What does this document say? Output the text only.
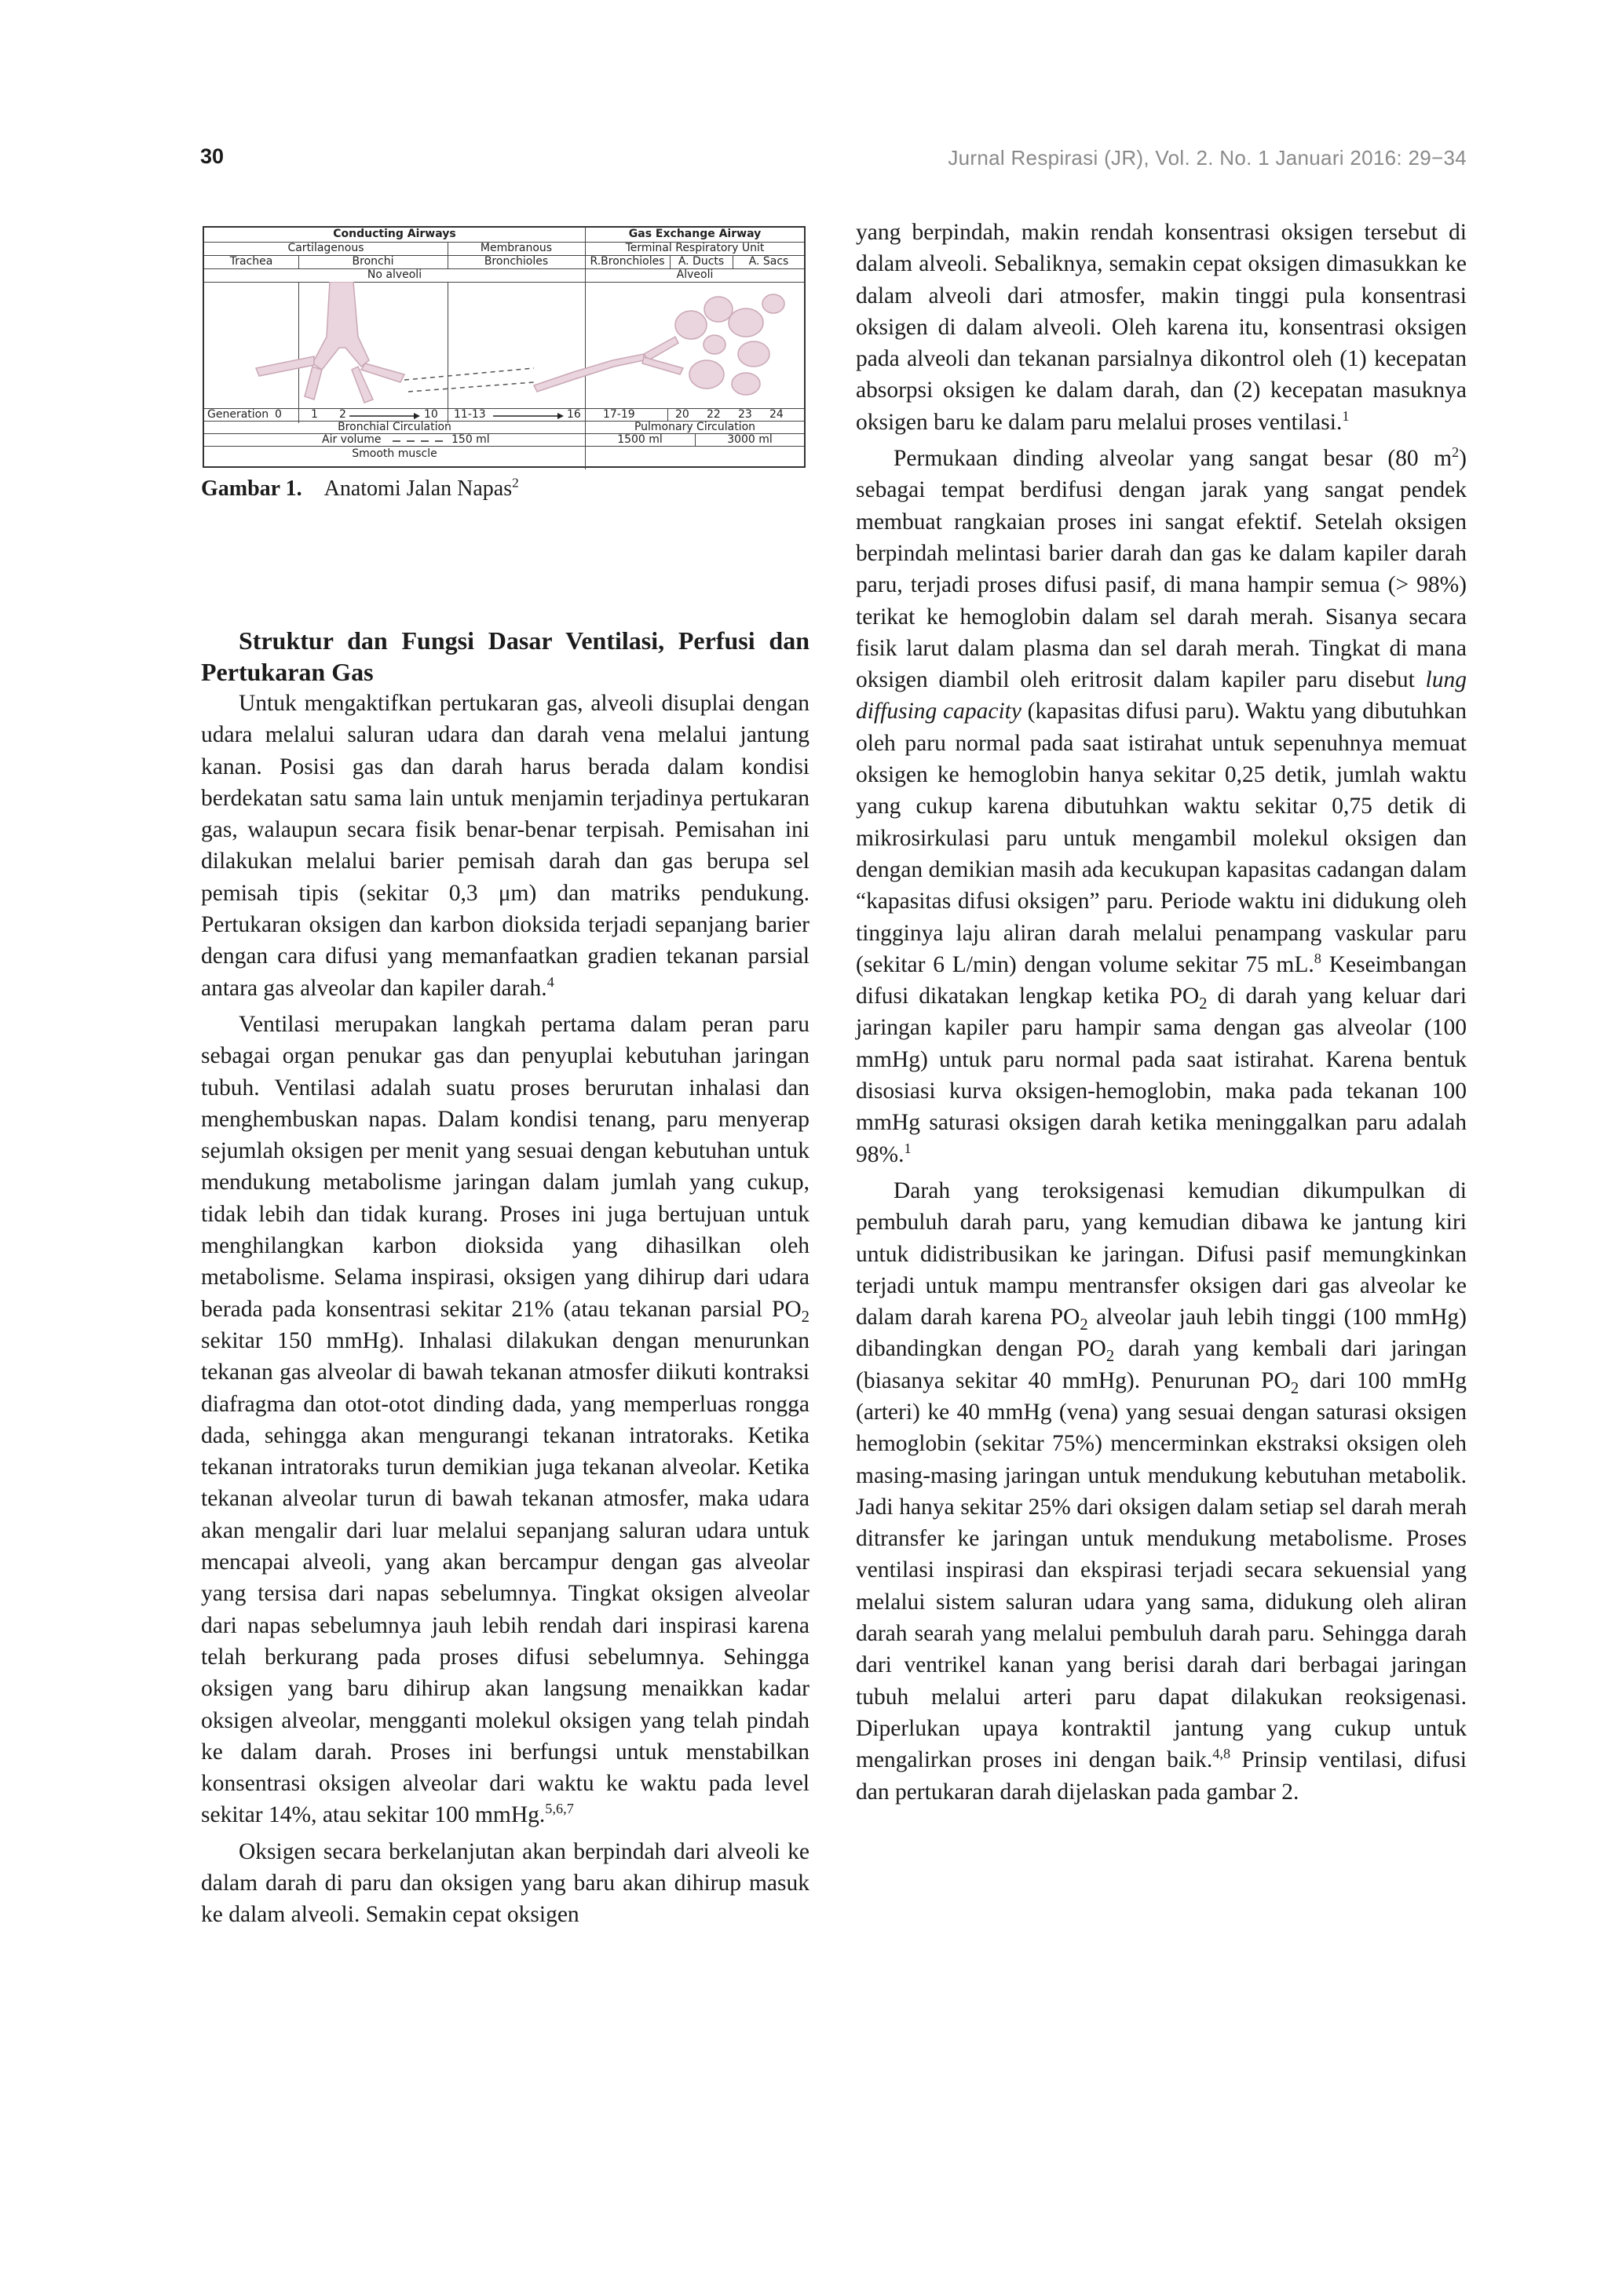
30	Jurnal Respirasi (JR), Vol. 2. No. 1 Januari 2016: 29−34
Conducting Airways	Gas Exchange Airway
Cartilagenous	Membranous	Terminal Respiratory Unit
Trachea	Bronchi	Bronchioles	R.Bronchioles	A. Ducts	A. Sacs
No alveoli	Alveoli
Generation 0	1 2	10 11-13	16 17-19	20 22 23 24
Bronchial Circulation	Pulmonary Circulation
Air volume	150 ml	1500 ml	3000 ml
Smooth muscle
Gambar 1. Anatomi Jalan Napas$^2$

Struktur dan Fungsi Dasar Ventilasi, Perfusi dan Pertukaran Gas

Untuk mengaktifkan pertukaran gas, alveoli disuplai dengan udara melalui saluran udara dan darah vena melalui jantung kanan. Posisi gas dan darah harus berada dalam kondisi berdekatan satu sama lain untuk menjamin terjadinya pertukaran gas, walaupun secara fisik benar-benar terpisah. Pemisahan ini dilakukan melalui barier pemisah darah dan gas berupa sel pemisah tipis (sekitar 0,3 μm) dan matriks pendukung. Pertukaran oksigen dan karbon dioksida terjadi sepanjang barier dengan cara difusi yang memanfaatkan gradien tekanan parsial antara gas alveolar dan kapiler darah.$^4$

Ventilasi merupakan langkah pertama dalam peran paru sebagai organ penukar gas dan penyuplai kebutuhan jaringan tubuh. Ventilasi adalah suatu proses berurutan inhalasi dan menghembuskan napas. Dalam kondisi tenang, paru menyerap sejumlah oksigen per menit yang sesuai dengan kebutuhan untuk mendukung metabolisme jaringan dalam jumlah yang cukup, tidak lebih dan tidak kurang. Proses ini juga bertujuan untuk menghilangkan karbon dioksida yang dihasilkan oleh metabolisme. Selama inspirasi, oksigen yang dihirup dari udara berada pada konsentrasi sekitar 21% (atau tekanan parsial $PO_2$ sekitar 150 mmHg). Inhalasi dilakukan dengan menurunkan tekanan gas alveolar di bawah tekanan atmosfer diikuti kontraksi diafragma dan otot-otot dinding dada, yang memperluas rongga dada, sehingga akan mengurangi tekanan intratoraks. Ketika tekanan intratoraks turun demikian juga tekanan alveolar. Ketika tekanan alveolar turun di bawah tekanan atmosfer, maka udara akan mengalir dari luar melalui sepanjang saluran udara untuk mencapai alveoli, yang akan bercampur dengan gas alveolar yang tersisa dari napas sebelumnya. Tingkat oksigen alveolar dari napas sebelumnya jauh lebih rendah dari inspirasi karena telah berkurang pada proses difusi sebelumnya. Sehingga oksigen yang baru dihirup akan langsung menaikkan kadar oksigen alveolar, mengganti molekul oksigen yang telah pindah ke dalam darah. Proses ini berfungsi untuk menstabilkan konsentrasi oksigen alveolar dari waktu ke waktu pada level sekitar 14%, atau sekitar 100 mmHg.$^{5,6,7}$

Oksigen secara berkelanjutan akan berpindah dari alveoli ke dalam darah di paru dan oksigen yang baru akan dihirup masuk ke dalam alveoli. Semakin cepat oksigen

yang berpindah, makin rendah konsentrasi oksigen tersebut di dalam alveoli. Sebaliknya, semakin cepat oksigen dimasukkan ke dalam alveoli dari atmosfer, makin tinggi pula konsentrasi oksigen di dalam alveoli. Oleh karena itu, konsentrasi oksigen pada alveoli dan tekanan parsialnya dikontrol oleh (1) kecepatan absorpsi oksigen ke dalam darah, dan (2) kecepatan masuknya oksigen baru ke dalam paru melalui proses ventilasi.$^1$

Permukaan dinding alveolar yang sangat besar (80 $m^2$) sebagai tempat berdifusi dengan jarak yang sangat pendek membuat rangkaian proses ini sangat efektif. Setelah oksigen berpindah melintasi barier darah dan gas ke dalam kapiler darah paru, terjadi proses difusi pasif, di mana hampir semua (> 98%) terikat ke hemoglobin dalam sel darah merah. Sisanya secara fisik larut dalam plasma dan sel darah merah. Tingkat di mana oksigen diambil oleh eritrosit dalam kapiler paru disebut lung diffusing capacity (kapasitas difusi paru). Waktu yang dibutuhkan oleh paru normal pada saat istirahat untuk sepenuhnya memuat oksigen ke hemoglobin hanya sekitar 0,25 detik, jumlah waktu yang cukup karena dibutuhkan waktu sekitar 0,75 detik di mikrosirkulasi paru untuk mengambil molekul oksigen dan dengan demikian masih ada kecukupan kapasitas cadangan dalam “kapasitas difusi oksigen” paru. Periode waktu ini didukung oleh tingginya laju aliran darah melalui penampang vaskular paru (sekitar 6 L/min) dengan volume sekitar 75 mL.$^8$ Keseimbangan difusi dikatakan lengkap ketika $PO_2$ di darah yang keluar dari jaringan kapiler paru hampir sama dengan gas alveolar (100 mmHg) untuk paru normal pada saat istirahat. Karena bentuk disosiasi kurva oksigen-hemoglobin, maka pada tekanan 100 mmHg saturasi oksigen darah ketika meninggalkan paru adalah 98%.$^1$

Darah yang teroksigenasi kemudian dikumpulkan di pembuluh darah paru, yang kemudian dibawa ke jantung kiri untuk didistribusikan ke jaringan. Difusi pasif memungkinkan terjadi untuk mampu mentransfer oksigen dari gas alveolar ke dalam darah karena $PO_2$ alveolar jauh lebih tinggi (100 mmHg) dibandingkan dengan $PO_2$ darah yang kembali dari jaringan (biasanya sekitar 40 mmHg). Penurunan $PO_2$ dari 100 mmHg (arteri) ke 40 mmHg (vena) yang sesuai dengan saturasi oksigen hemoglobin (sekitar 75%) mencerminkan ekstraksi oksigen oleh masing-masing jaringan untuk mendukung kebutuhan metabolik. Jadi hanya sekitar 25% dari oksigen dalam setiap sel darah merah ditransfer ke jaringan untuk mendukung metabolisme. Proses ventilasi inspirasi dan ekspirasi terjadi secara sekuensial yang melalui sistem saluran udara yang sama, didukung oleh aliran darah searah yang melalui pembuluh darah paru. Sehingga darah dari ventrikel kanan yang berisi darah dari berbagai jaringan tubuh melalui arteri paru dapat dilakukan reoksigenasi. Diperlukan upaya kontraktil jantung yang cukup untuk mengalirkan proses ini dengan baik.$^{4,8}$ Prinsip ventilasi, difusi dan pertukaran darah dijelaskan pada gambar 2.
